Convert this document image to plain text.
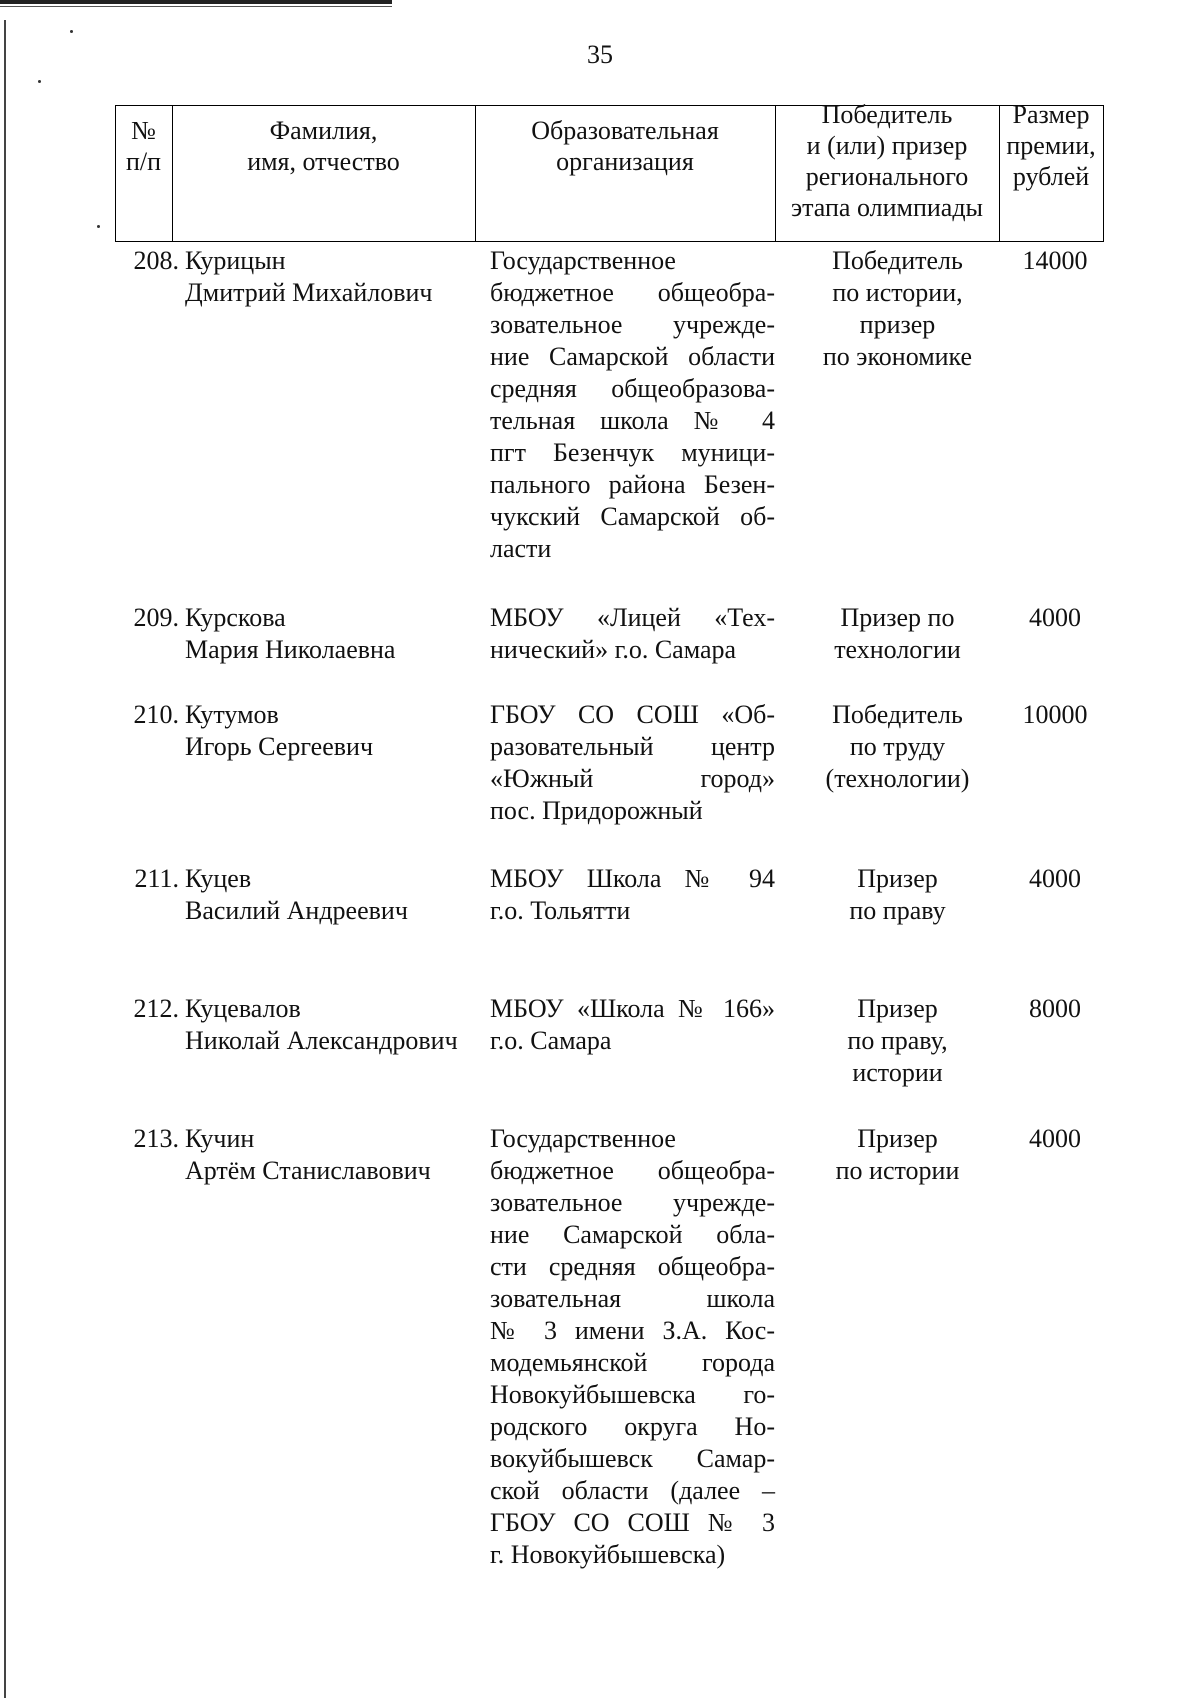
35
№
п/п
Фамилия,
имя, отчество
Образовательная
организация
Победитель
и (или) призер
регионального
этапа олимпиады
Размер
премии,
рублей
208. Курицын
Дмитрий Михайлович
Государственное
бюджетное общеобра-
зовательное учрежде-
ние Самарской области
средняя общеобразова-
тельная школа № 4
пгт Безенчук муници-
пального района Безен-
чукский Самарской об-
ласти
Победитель
по истории,
призер
по экономике
14000
209. Курскова
Мария Николаевна
МБОУ «Лицей «Тех-
нический» г.о. Самара
Призер по
технологии
4000
210. Кутумов
Игорь Сергеевич
ГБОУ СО СОШ «Об-
разовательный центр
«Южный город»
пос. Придорожный
Победитель
по труду
(технологии)
10000
211. Куцев
Василий Андреевич
МБОУ Школа № 94
г.о. Тольятти
Призер
по праву
4000
212. Куцевалов
Николай Александрович
МБОУ «Школа № 166»
г.о. Самара
Призер
по праву,
истории
8000
213. Кучин
Артём Станиславович
Государственное
бюджетное общеобра-
зовательное учрежде-
ние Самарской обла-
сти средняя общеобра-
зовательная школа
№ 3 имени З.А. Кос-
модемьянской города
Новокуйбышевска го-
родского округа Но-
вокуйбышевск Самар-
ской области (далее –
ГБОУ СО СОШ № 3
г. Новокуйбышевска)
Призер
по истории
4000
